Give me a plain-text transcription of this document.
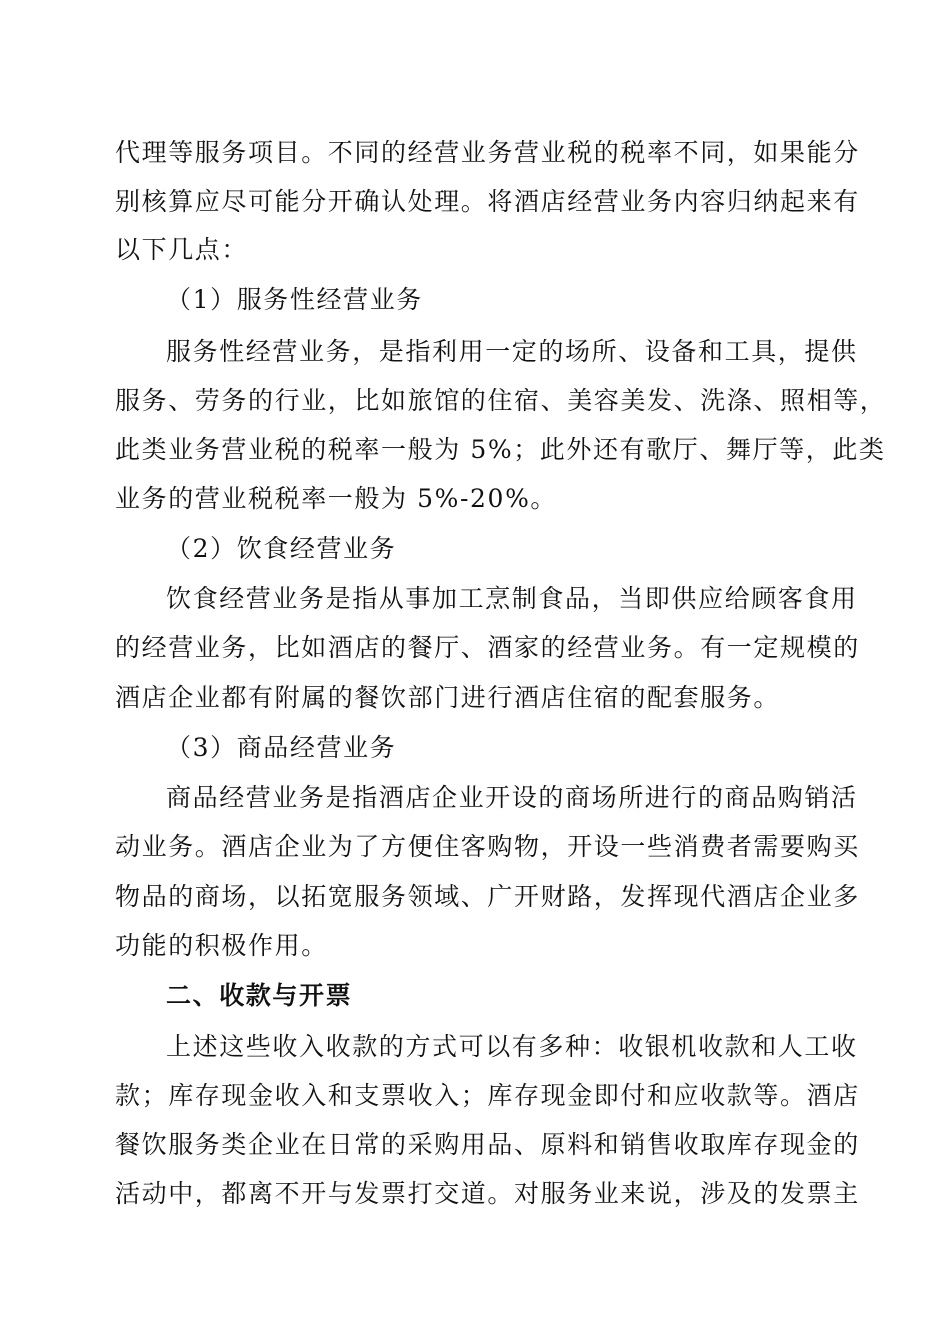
代理等服务项目。不同的经营业务营业税的税率不同，如果能分
别核算应尽可能分开确认处理。将酒店经营业务内容归纳起来有
以下几点：
（1）服务性经营业务
服务性经营业务，是指利用一定的场所、设备和工具，提供
服务、劳务的行业，比如旅馆的住宿、美容美发、洗涤、照相等，
此类业务营业税的税率一般为 5%；此外还有歌厅、舞厅等，此类
业务的营业税税率一般为 5%-20%。
（2）饮食经营业务
饮食经营业务是指从事加工烹制食品，当即供应给顾客食用
的经营业务，比如酒店的餐厅、酒家的经营业务。有一定规模的
酒店企业都有附属的餐饮部门进行酒店住宿的配套服务。
（3）商品经营业务
商品经营业务是指酒店企业开设的商场所进行的商品购销活
动业务。酒店企业为了方便住客购物，开设一些消费者需要购买
物品的商场，以拓宽服务领域、广开财路，发挥现代酒店企业多
功能的积极作用。
二、收款与开票
上述这些收入收款的方式可以有多种：收银机收款和人工收
款；库存现金收入和支票收入；库存现金即付和应收款等。酒店
餐饮服务类企业在日常的采购用品、原料和销售收取库存现金的
活动中，都离不开与发票打交道。对服务业来说，涉及的发票主
